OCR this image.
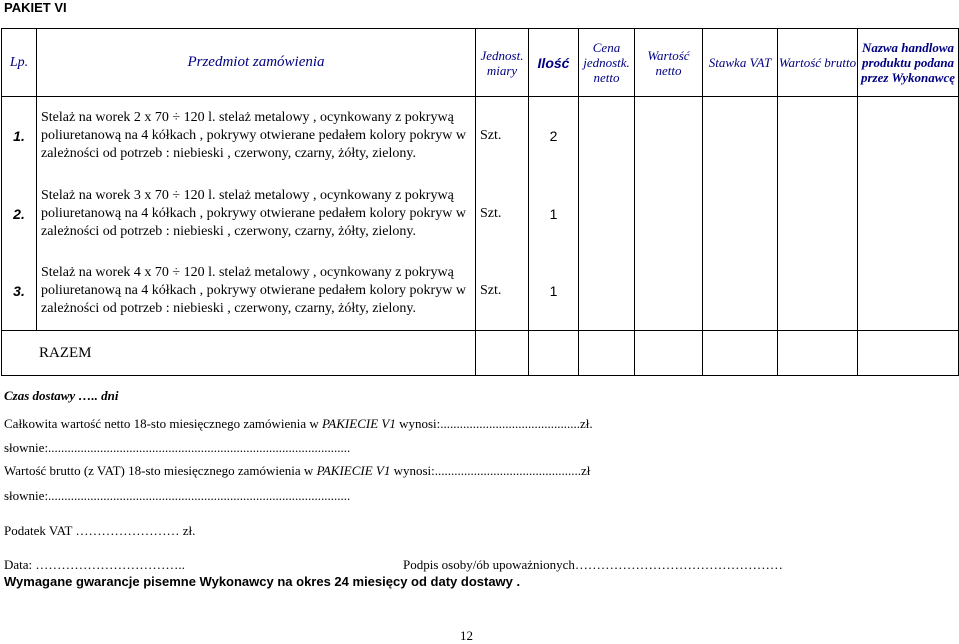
PAKIET VI
Lp.	Przedmiot zamówienia	Jednost. miary	Ilość	Cena jednostk. netto	Wartość netto	Stawka VAT	Wartość brutto	Nazwa handlowa produktu podana przez Wykonawcę
1.	Stelaż na worek 2 x 70 ÷ 120 l. stelaż metalowy , ocynkowany z pokrywą poliuretanową na 4 kółkach , pokrywy otwierane pedałem kolory pokryw w zależności od potrzeb : niebieski , czerwony, czarny, żółty, zielony.	Szt.	2					
2.	Stelaż na worek 3 x 70 ÷ 120 l. stelaż metalowy , ocynkowany z pokrywą poliuretanową na 4 kółkach , pokrywy otwierane pedałem kolory pokryw w zależności od potrzeb : niebieski , czerwony, czarny, żółty, zielony.	Szt.	1					
3.	Stelaż na worek 4 x 70 ÷ 120 l. stelaż metalowy , ocynkowany z pokrywą poliuretanową na 4 kółkach , pokrywy otwierane pedałem kolory pokryw w zależności od potrzeb : niebieski , czerwony, czarny, żółty, zielony.	Szt.	1					
RAZEM								
Czas dostawy ….. dni
Całkowita wartość netto 18-sto miesięcznego zamówienia w PAKIECIE V1 wynosi:...........................................zł.
słownie:.............................................................................................
Wartość brutto (z VAT) 18-sto miesięcznego zamówienia w PAKIECIE V1 wynosi:.............................................zł
słownie:.............................................................................................
Podatek VAT …………………… zł.
Data: ……………………………..	Podpis osoby/ób upoważnionych…………………………………………
Wymagane gwarancje pisemne Wykonawcy na okres 24 miesięcy od daty dostawy .
12
